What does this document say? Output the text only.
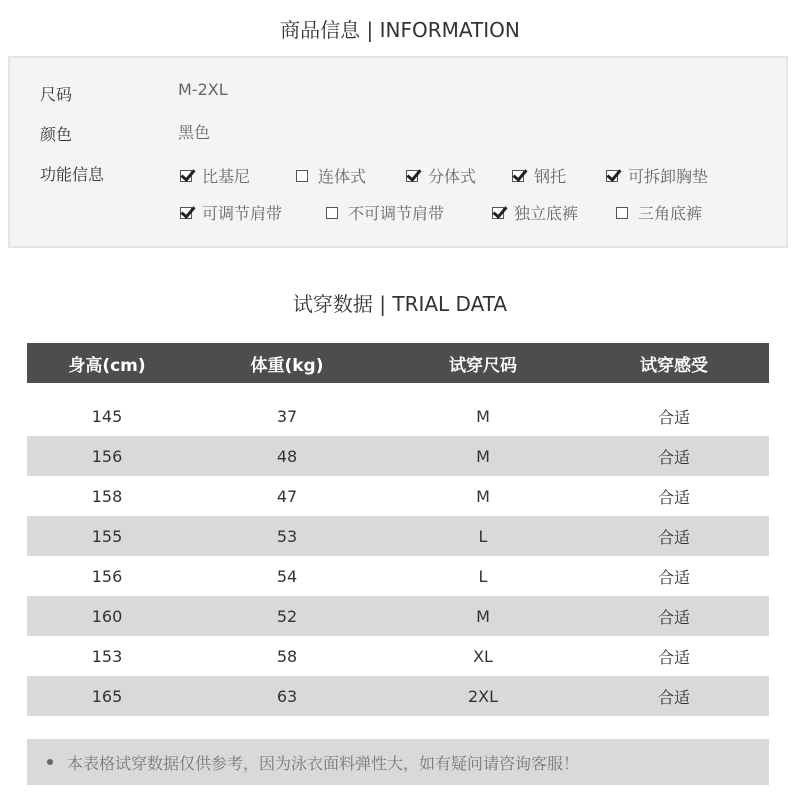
商品信息 | INFORMATION
尺码	M-2XL
颜色	黑色
功能信息	比基尼	连体式	分体式	钢托	可拆卸胸垫
可调节肩带	不可调节肩带	独立底裤	三角底裤
试穿数据 | TRIAL DATA
身高(cm)	体重(kg)	试穿尺码	试穿感受
145	37	M	合适
156	48	M	合适
158	47	M	合适
155	53	L	合适
156	54	L	合适
160	52	M	合适
153	58	XL	合适
165	63	2XL	合适
本表格试穿数据仅供参考，因为泳衣面料弹性大，如有疑问请咨询客服！
